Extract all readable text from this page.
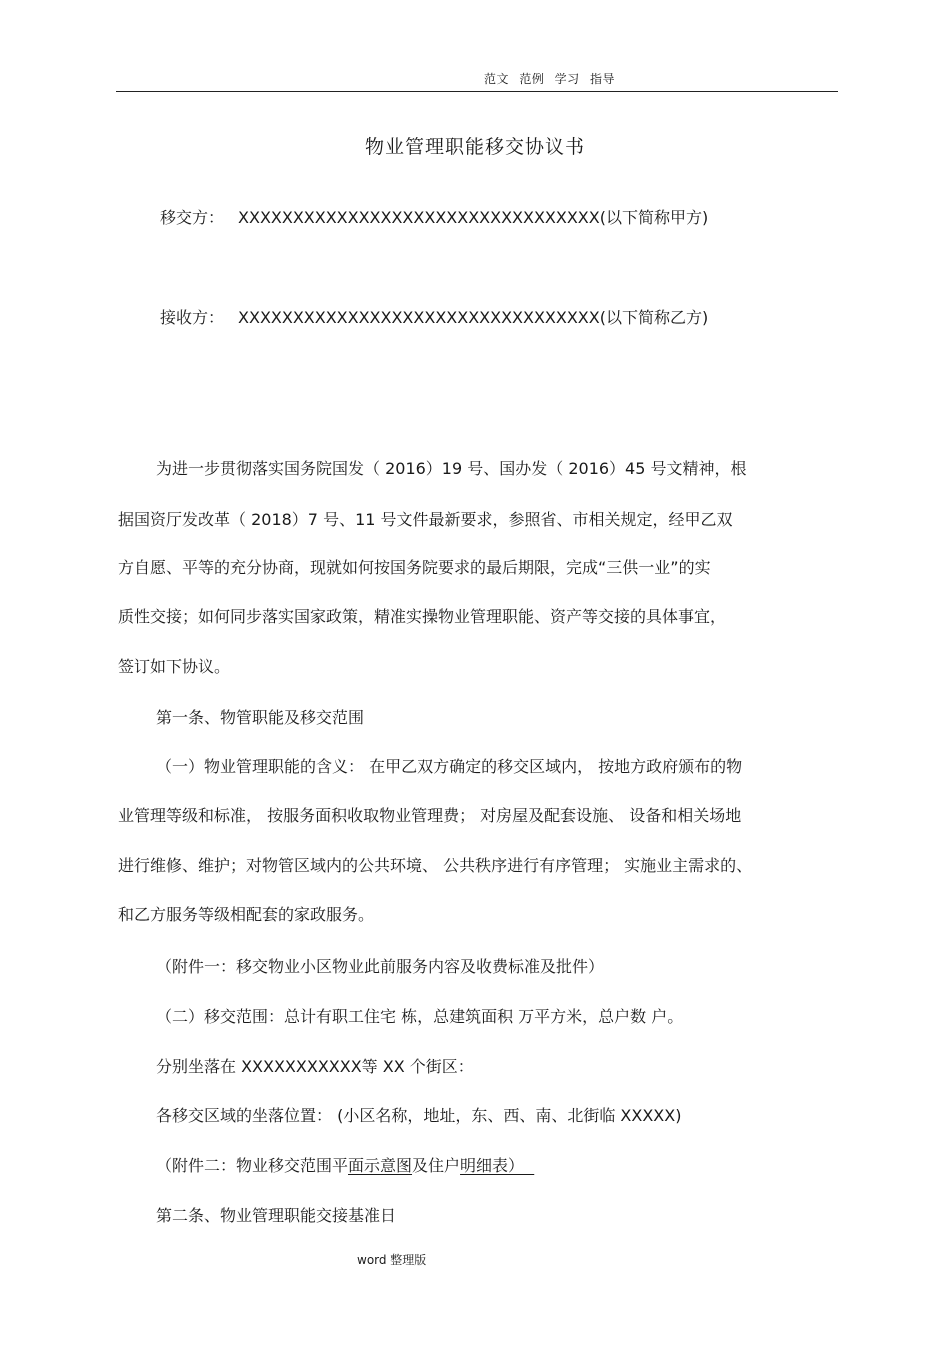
范文 范例 学习 指导
物业管理职能移交协议书
移交方： XXXXXXXXXXXXXXXXXXXXXXXXXXXXXXXXX(以下简称甲方)
接收方： XXXXXXXXXXXXXXXXXXXXXXXXXXXXXXXXX(以下简称乙方)
为进一步贯彻落实国务院国发（ 2016）19 号、国办发（ 2016）45 号文精神，根
据国资厅发改革（ 2018）7 号、11 号文件最新要求，参照省、市相关规定，经甲乙双
方自愿、平等的充分协商，现就如何按国务院要求的最后期限，完成“三供一业”的实
质性交接；如何同步落实国家政策，精准实操物业管理职能、资产等交接的具体事宜，
签订如下协议。
第一条、物管职能及移交范围
（一）物业管理职能的含义： 在甲乙双方确定的移交区域内， 按地方政府颁布的物
业管理等级和标准， 按服务面积收取物业管理费； 对房屋及配套设施、 设备和相关场地
进行维修、维护；对物管区域内的公共环境、 公共秩序进行有序管理； 实施业主需求的、
和乙方服务等级相配套的家政服务。
（附件一：移交物业小区物业此前服务内容及收费标准及批件）
（二）移交范围：总计有职工住宅 栋，总建筑面积 万平方米，总户数 户。
分别坐落在 XXXXXXXXXXX等 XX 个街区：
各移交区域的坐落位置： (小区名称，地址，东、西、南、北街临 XXXXX)
（附件二：物业移交范围平面示意图及住户明细表）
第二条、物业管理职能交接基准日
word 整理版
